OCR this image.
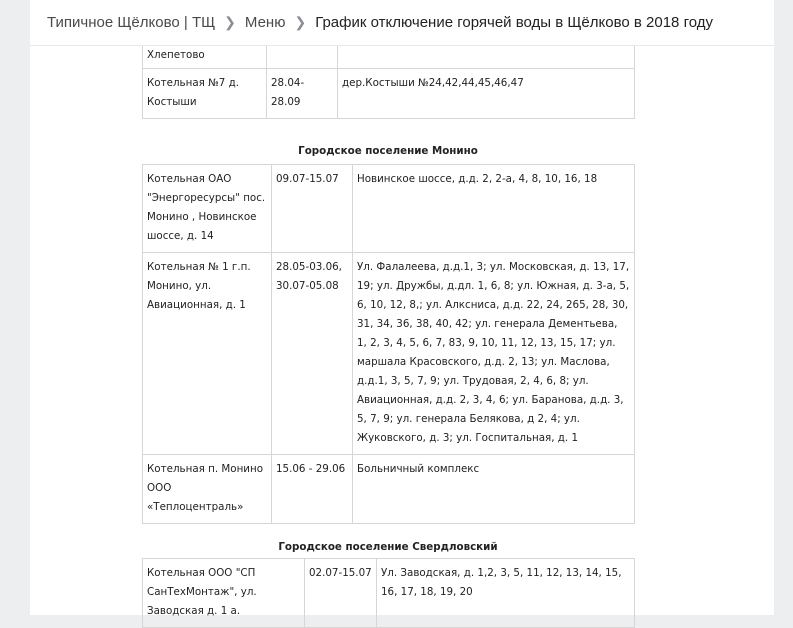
Хлепетово		
Котельная №7 д. Костыши	28.04-28.09	дер.Костыши №24,42,44,45,46,47
Городское поселение Монино
Котельная ОАО "Энергоресурсы" пос. Монино , Новинское шоссе, д. 14	09.07-15.07	Новинское шоссе, д.д. 2, 2-а, 4, 8, 10, 16, 18
Котельная № 1 г.п. Монино, ул. Авиационная, д. 1	28.05-03.06, 30.07-05.08	Ул. Фалалеева, д.д.1, 3; ул. Московская, д. 13, 17, 19; ул. Дружбы, д.дл. 1, 6, 8; ул. Южная, д. 3-а, 5, 6, 10, 12, 8,; ул. Алксниса, д.д. 22, 24, 265, 28, 30, 31, 34, 36, 38, 40, 42; ул. генерала Дементьева, 1, 2, 3, 4, 5, 6, 7, 83, 9, 10, 11, 12, 13, 15, 17; ул. маршала Красовского, д.д. 2, 13; ул. Маслова, д.д.1, 3, 5, 7, 9; ул. Трудовая, 2, 4, 6, 8; ул. Авиационная, д.д. 2, 3, 4, 6; ул. Баранова, д.д. 3, 5, 7, 9; ул. генерала Белякова, д 2, 4; ул. Жуковского, д. 3; ул. Госпитальная, д. 1
Котельная п. Монино ООО «Теплоцентраль»	15.06 - 29.06	Больничный комплекс
Городское поселение Свердловский
Котельная ООО "СП СанТехМонтаж", ул. Заводская д. 1 а.	02.07-15.07	Ул. Заводская, д. 1,2, 3, 5, 11, 12, 13, 14, 15, 16, 17, 18, 19, 20
Типичное Щёлково | ТЩ ❯ Меню ❯ График отключение горячей воды в Щёлково в 2018 году
